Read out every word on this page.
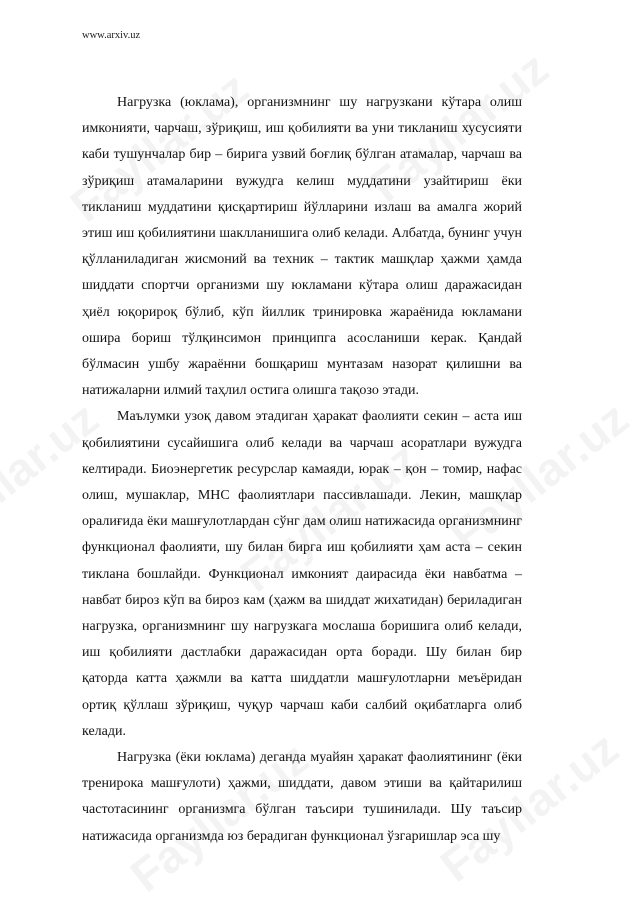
www.arxiv.uz

Нагрузка (юклама), организмнинг шу нагрузкани кўтара олиш имконияти, чарчаш, зўриқиш, иш қобилияти ва уни тикланиш хусусияти каби тушунчалар бир – бирига узвий боғлиқ бўлган атамалар, чарчаш ва зўриқиш атамаларини вужудга келиш муддатини узайтириш ёки тикланиш муддатини қисқартириш йўлларини излаш ва амалга жорий этиш иш қобилиятини шаклланишига олиб келади. Албатда, бунинг учун қўлланиладиган жисмоний ва техник – тактик машқлар ҳажми ҳамда шиддати спортчи организми шу юкламани кўтара олиш даражасидан ҳиёл юқорироқ бўлиб, кўп йиллик тринировка жараёнида юкламани ошира бориш тўлқинсимон принципга асосланиши керак. Қандай бўлмасин ушбу жараённи бошқариш мунтазам назорат қилишни ва натижаларни илмий таҳлил остига олишга тақозо этади.

Маълумки узоқ давом этадиган ҳаракат фаолияти секин – аста иш қобилиятини сусайишига олиб келади ва чарчаш асоратлари вужудга келтиради. Биоэнергетик ресурслар камаяди, юрак – қон – томир, нафас олиш, мушаклар, МНС фаолиятлари пассивлашади. Лекин, машқлар оралиғида ёки машғулотлардан сўнг дам олиш натижасида организмнинг функционал фаолияти, шу билан бирга иш қобилияти ҳам аста – секин тиклана бошлайди. Функционал имконият даирасида ёки навбатма – навбат бироз кўп ва бироз кам (ҳажм ва шиддат жихатидан) бериладиган нагрузка, организмнинг шу нагрузкага мослаша боришига олиб келади, иш қобилияти дастлабки даражасидан орта боради. Шу билан бир қаторда катта ҳажмли ва катта шиддатли машғулотларни меъёридан ортиқ қўллаш зўриқиш, чуқур чарчаш каби салбий оқибатларга олиб келади.

Нагрузка (ёки юклама) деганда муайян ҳаракат фаолиятининг (ёки тренирока машғулоти) ҳажми, шиддати, давом этиши ва қайтарилиш частотасининг организмга бўлган таъсири тушинилади. Шу таъсир натижасида организмда юз берадиган функционал ўзгаришлар эса шу
